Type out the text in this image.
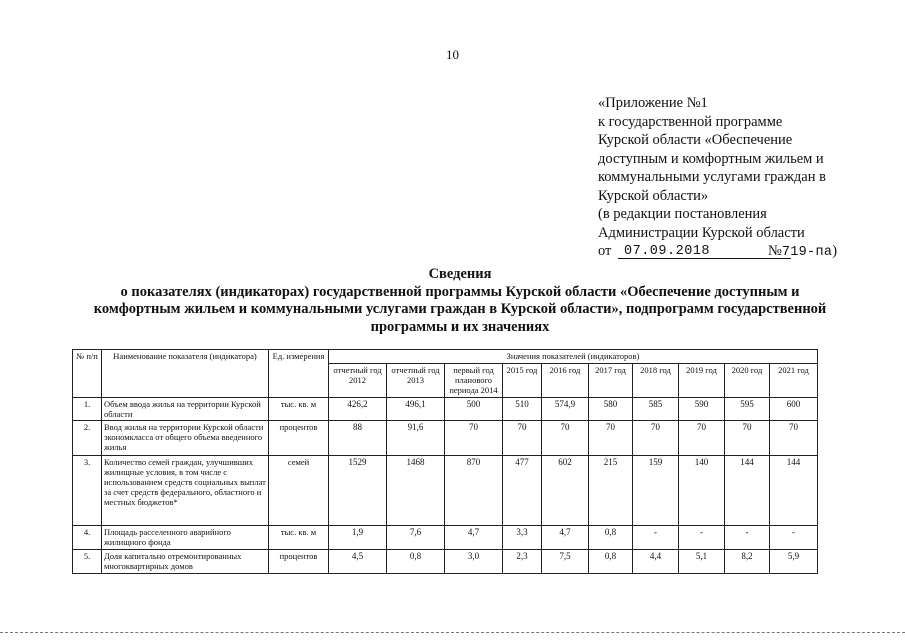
10
«Приложение №1
к государственной программе
Курской области «Обеспечение
доступным и комфортным жильем и
коммунальными услугами граждан в
Курской области»
(в редакции постановления
Администрации Курской области
от 07.09.2018	№719-па)
Сведения
о показателях (индикаторах) государственной программы Курской области «Обеспечение доступным и
комфортным жильем и коммунальными услугами граждан в Курской области», подпрограмм государственной
программы и их значениях
№ п/п	Наименование показателя (индикатора)	Ед. измерения	Значения показателей (индикаторов)									
			отчетный год 2012	отчетный год 2013	первый год планового периода 2014	2015 год	2016 год	2017 год	2018 год	2019 год	2020 год	2021 год
1.	Объем ввода жилья на территории Курской области	тыс. кв. м	426,2	496,1	500	510	574,9	580	585	590	595	600
2.	Ввод жилья на территории Курской области экономкласса от общего объема введенного жилья	процентов	88	91,6	70	70	70	70	70	70	70	70
3.	Количество семей граждан, улучшивших жилищные условия, в том числе с использованием средств социальных выплат за счет средств федерального, областного и местных бюджетов*	семей	1529	1468	870	477	602	215	159	140	144	144
4.	Площадь расселенного аварийного жилищного фонда	тыс. кв. м	1,9	7,6	4,7	3,3	4,7	0,8	-	-	-	-
5.	Доля капитально отремонтированных многоквартирных домов	процентов	4,5	0,8	3,0	2,3	7,5	0,8	4,4	5,1	8,2	5,9
